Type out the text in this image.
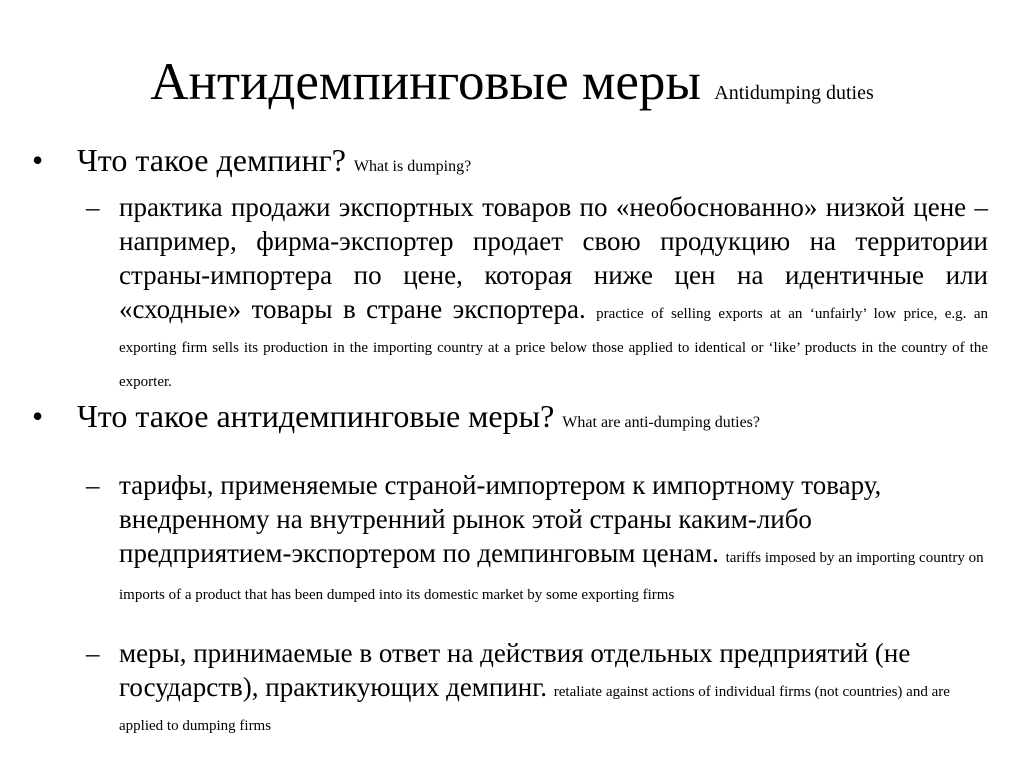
Антидемпинговые меры Antidumping duties
• Что такое демпинг? What is dumping?
– практика продажи экспортных товаров по «необоснованно» низкой цене – например, фирма-экспортер продает свою продукцию на территории страны-импортера по цене, которая ниже цен на идентичные или «сходные» товары в стране экспортера. practice of selling exports at an ‘unfairly’ low price, e.g. an exporting firm sells its production in the importing country at a price below those applied to identical or ‘like’ products in the country of the exporter.
• Что такое антидемпинговые меры? What are anti-dumping duties?
– тарифы, применяемые страной-импортером к импортному товару, внедренному на внутренний рынок этой страны каким-либо предприятием-экспортером по демпинговым ценам. tariffs imposed by an importing country on imports of a product that has been dumped into its domestic market by some exporting firms
– меры, принимаемые в ответ на действия отдельных предприятий (не государств), практикующих демпинг. retaliate against actions of individual firms (not countries) and are applied to dumping firms
